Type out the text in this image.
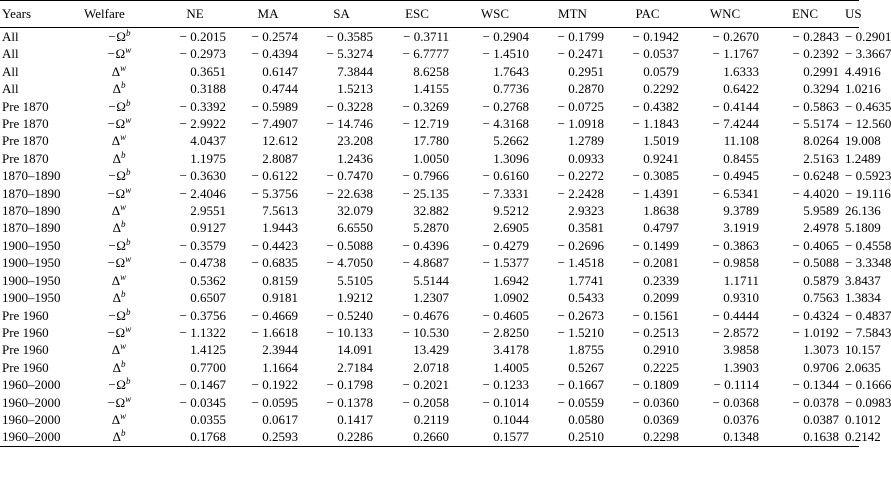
Years	Welfare	NE	MA	SA	ESC	WSC	MTN	PAC	WNC	ENC	US
All	$-\Omega^b$	− 0.2015	− 0.2574	− 0.3585	− 0.3711	− 0.2904	− 0.1799	− 0.1942	− 0.2670	− 0.2843	− 0.2901
All	$-\Omega^w$	− 0.2973	− 0.4394	− 5.3274	− 6.7777	− 1.4510	− 0.2471	− 0.0537	− 1.1767	− 0.2392	− 3.3667
All	$\Delta^w$	0.3651	0.6147	7.3844	8.6258	1.7643	0.2951	0.0579	1.6333	0.2991	4.4916
All	$\Delta^b$	0.3188	0.4744	1.5213	1.4155	0.7736	0.2870	0.2292	0.6422	0.3294	1.0216
Pre 1870	$-\Omega^b$	− 0.3392	− 0.5989	− 0.3228	− 0.3269	− 0.2768	− 0.0725	− 0.4382	− 0.4144	− 0.5863	− 0.4635
Pre 1870	$-\Omega^w$	− 2.9922	− 7.4907	− 14.746	− 12.719	− 4.3168	− 1.0918	− 1.1843	− 7.4244	− 5.5174	− 12.560
Pre 1870	$\Delta^w$	4.0437	12.612	23.208	17.780	5.2662	1.2789	1.5019	11.108	8.0264	19.008
Pre 1870	$\Delta^b$	1.1975	2.8087	1.2436	1.0050	1.3096	0.0933	0.9241	0.8455	2.5163	1.2489
1870–1890	$-\Omega^b$	− 0.3630	− 0.6122	− 0.7470	− 0.7966	− 0.6160	− 0.2272	− 0.3085	− 0.4945	− 0.6248	− 0.5923
1870–1890	$-\Omega^w$	− 2.4046	− 5.3756	− 22.638	− 25.135	− 7.3331	− 2.2428	− 1.4391	− 6.5341	− 4.4020	− 19.116
1870–1890	$\Delta^w$	2.9551	7.5613	32.079	32.882	9.5212	2.9323	1.8638	9.3789	5.9589	26.136
1870–1890	$\Delta^b$	0.9127	1.9443	6.6550	5.2870	2.6905	0.3581	0.4797	3.1919	2.4978	5.1809
1900–1950	$-\Omega^b$	− 0.3579	− 0.4423	− 0.5088	− 0.4396	− 0.4279	− 0.2696	− 0.1499	− 0.3863	− 0.4065	− 0.4558
1900–1950	$-\Omega^w$	− 0.4738	− 0.6835	− 4.7050	− 4.8687	− 1.5377	− 1.4518	− 0.2081	− 0.9858	− 0.5088	− 3.3348
1900–1950	$\Delta^w$	0.5362	0.8159	5.5105	5.5144	1.6942	1.7741	0.2339	1.1711	0.5879	3.8437
1900–1950	$\Delta^b$	0.6507	0.9181	1.9212	1.2307	1.0902	0.5433	0.2099	0.9310	0.7563	1.3834
Pre 1960	$-\Omega^b$	− 0.3756	− 0.4669	− 0.5240	− 0.4676	− 0.4605	− 0.2673	− 0.1561	− 0.4444	− 0.4324	− 0.4837
Pre 1960	$-\Omega^w$	− 1.1322	− 1.6618	− 10.133	− 10.530	− 2.8250	− 1.5210	− 0.2513	− 2.8572	− 1.0192	− 7.5843
Pre 1960	$\Delta^w$	1.4125	2.3944	14.091	13.429	3.4178	1.8755	0.2910	3.9858	1.3073	10.157
Pre 1960	$\Delta^b$	0.7700	1.1664	2.7184	2.0718	1.4005	0.5267	0.2225	1.3903	0.9706	2.0635
1960–2000	$-\Omega^b$	− 0.1467	− 0.1922	− 0.1798	− 0.2021	− 0.1233	− 0.1667	− 0.1809	− 0.1114	− 0.1344	− 0.1666
1960–2000	$-\Omega^w$	− 0.0345	− 0.0595	− 0.1378	− 0.2058	− 0.1014	− 0.0559	− 0.0360	− 0.0368	− 0.0378	− 0.0983
1960–2000	$\Delta^w$	0.0355	0.0617	0.1417	0.2119	0.1044	0.0580	0.0369	0.0376	0.0387	0.1012
1960–2000	$\Delta^b$	0.1768	0.2593	0.2286	0.2660	0.1577	0.2510	0.2298	0.1348	0.1638	0.2142
